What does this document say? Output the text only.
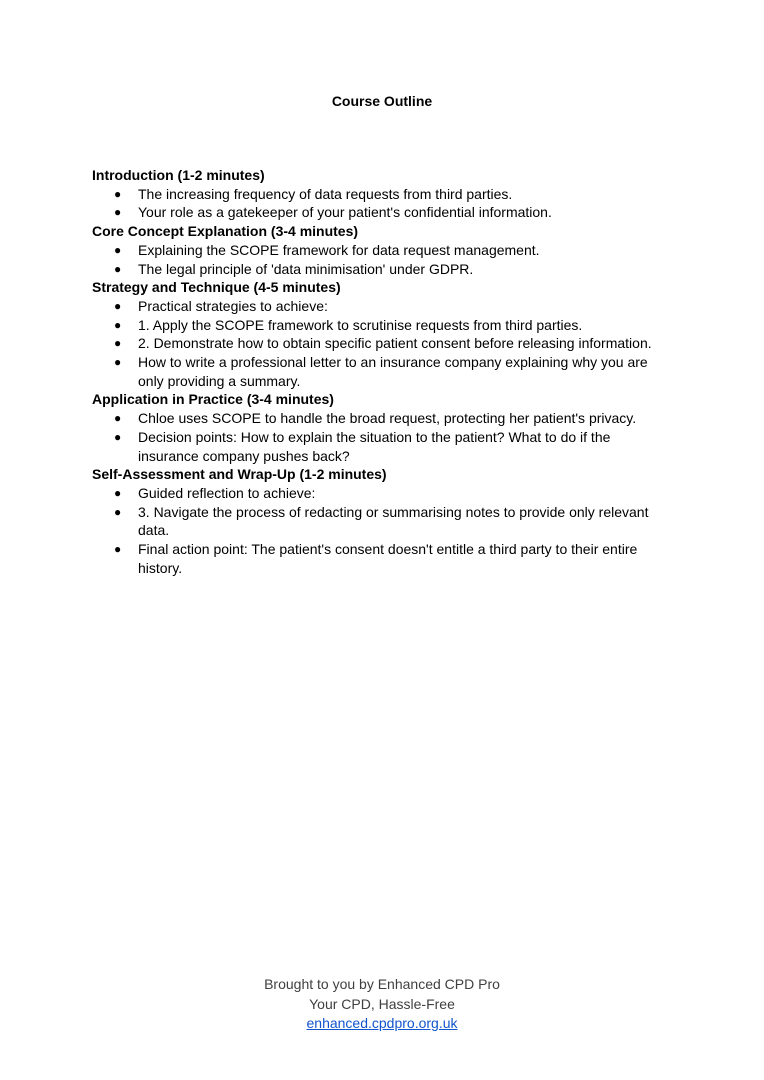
Course Outline
Introduction (1-2 minutes)
● The increasing frequency of data requests from third parties.
● Your role as a gatekeeper of your patient's confidential information.
Core Concept Explanation (3-4 minutes)
● Explaining the SCOPE framework for data request management.
● The legal principle of 'data minimisation' under GDPR.
Strategy and Technique (4-5 minutes)
● Practical strategies to achieve:
● 1. Apply the SCOPE framework to scrutinise requests from third parties.
● 2. Demonstrate how to obtain specific patient consent before releasing information.
● How to write a professional letter to an insurance company explaining why you are only providing a summary.
Application in Practice (3-4 minutes)
● Chloe uses SCOPE to handle the broad request, protecting her patient's privacy.
● Decision points: How to explain the situation to the patient? What to do if the insurance company pushes back?
Self-Assessment and Wrap-Up (1-2 minutes)
● Guided reflection to achieve:
● 3. Navigate the process of redacting or summarising notes to provide only relevant data.
● Final action point: The patient's consent doesn't entitle a third party to their entire history.
Brought to you by Enhanced CPD Pro
Your CPD, Hassle-Free
enhanced.cpdpro.org.uk
